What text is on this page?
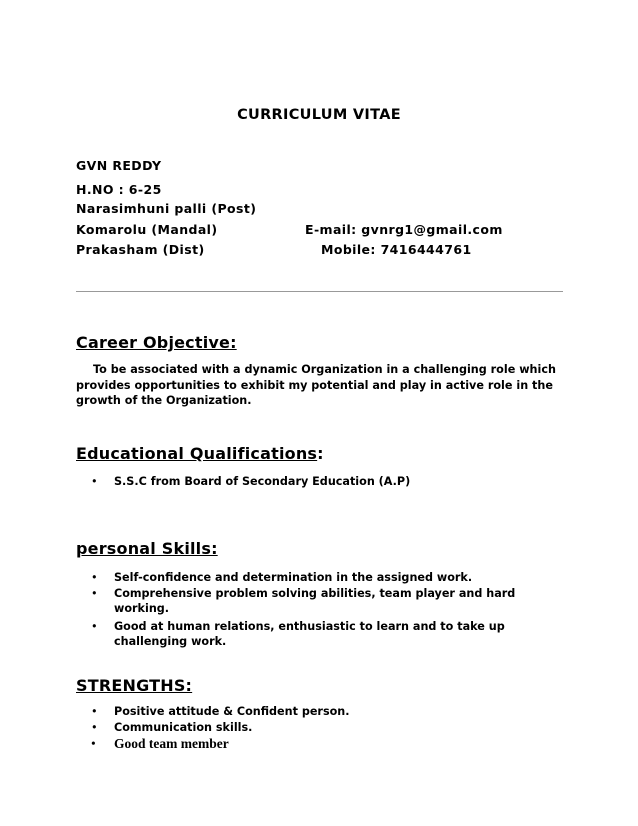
CURRICULUM VITAE
GVN REDDY
H.NO : 6-25
Narasimhuni palli (Post)
Komarolu (Mandal)
Prakasham (Dist)
E-mail: gvnrg1@gmail.com
Mobile: 7416444761
Career Objective:
To be associated with a dynamic Organization in a challenging role which provides opportunities to exhibit my potential and play in active role in the growth of the Organization.
Educational Qualifications:
• S.S.C from Board of Secondary Education (A.P)
personal Skills:
• Self-confidence and determination in the assigned work.
• Comprehensive problem solving abilities, team player and hard working.
• Good at human relations, enthusiastic to learn and to take up challenging work.
STRENGTHS:
• Positive attitude & Confident person.
• Communication skills.
• Good team member
